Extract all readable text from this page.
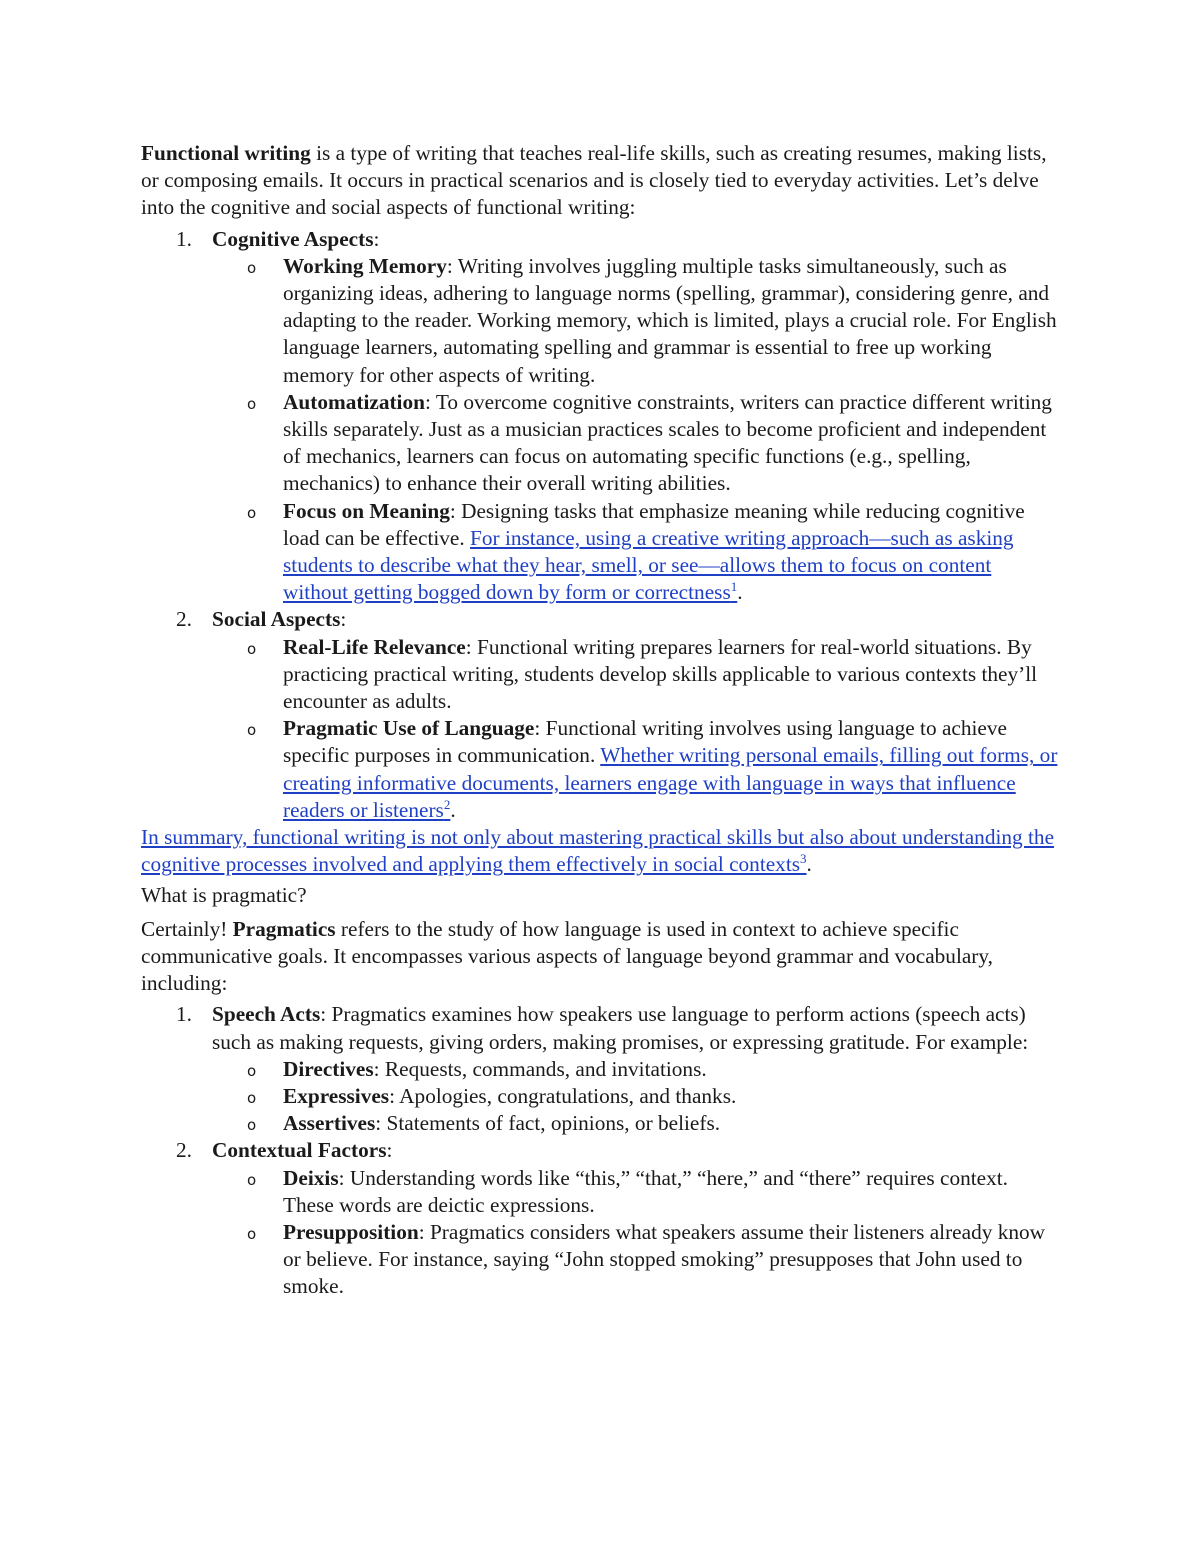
Functional writing is a type of writing that teaches real-life skills, such as creating resumes, making lists, or composing emails. It occurs in practical scenarios and is closely tied to everyday activities. Let’s delve into the cognitive and social aspects of functional writing:

1. Cognitive Aspects:
o Working Memory: Writing involves juggling multiple tasks simultaneously, such as organizing ideas, adhering to language norms (spelling, grammar), considering genre, and adapting to the reader. Working memory, which is limited, plays a crucial role. For English language learners, automating spelling and grammar is essential to free up working memory for other aspects of writing.
o Automatization: To overcome cognitive constraints, writers can practice different writing skills separately. Just as a musician practices scales to become proficient and independent of mechanics, learners can focus on automating specific functions (e.g., spelling, mechanics) to enhance their overall writing abilities.
o Focus on Meaning: Designing tasks that emphasize meaning while reducing cognitive load can be effective. For instance, using a creative writing approach—such as asking students to describe what they hear, smell, or see—allows them to focus on content without getting bogged down by form or correctness$^1$.
2. Social Aspects:
o Real-Life Relevance: Functional writing prepares learners for real-world situations. By practicing practical writing, students develop skills applicable to various contexts they’ll encounter as adults.
o Pragmatic Use of Language: Functional writing involves using language to achieve specific purposes in communication. Whether writing personal emails, filling out forms, or creating informative documents, learners engage with language in ways that influence readers or listeners$^2$.

In summary, functional writing is not only about mastering practical skills but also about understanding the cognitive processes involved and applying them effectively in social contexts$^3$.

What is pragmatic?

Certainly! Pragmatics refers to the study of how language is used in context to achieve specific communicative goals. It encompasses various aspects of language beyond grammar and vocabulary, including:

1. Speech Acts: Pragmatics examines how speakers use language to perform actions (speech acts) such as making requests, giving orders, making promises, or expressing gratitude. For example:
o Directives: Requests, commands, and invitations.
o Expressives: Apologies, congratulations, and thanks.
o Assertives: Statements of fact, opinions, or beliefs.
2. Contextual Factors:
o Deixis: Understanding words like “this,” “that,” “here,” and “there” requires context. These words are deictic expressions.
o Presupposition: Pragmatics considers what speakers assume their listeners already know or believe. For instance, saying “John stopped smoking” presupposes that John used to smoke.
